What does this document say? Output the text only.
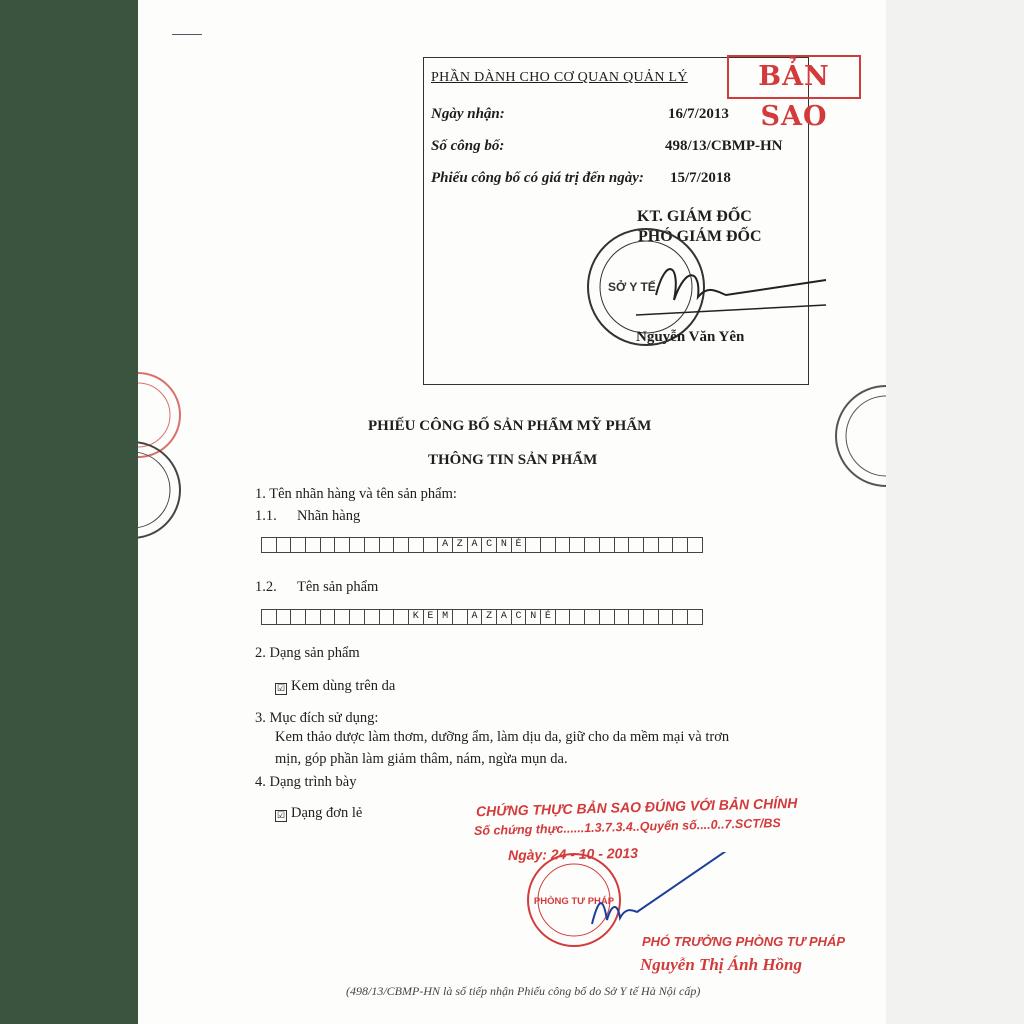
PHẦN DÀNH CHO CƠ QUAN QUẢN LÝ	BẢN SAO
Ngày nhận:	16/7/2013
Số công bố:	498/13/CBMP-HN
Phiếu công bố có giá trị đến ngày: 15/7/2018
KT. GIÁM ĐỐC
PHÓ GIÁM ĐỐC
SỞ Y TẾ
Nguyễn Văn Yên
PHIẾU CÔNG BỐ SẢN PHẨM MỸ PHẨM
THÔNG TIN SẢN PHẨM
1. Tên nhãn hàng và tên sản phẩm:
1.1. Nhãn hàng
A Z A C N É
1.2. Tên sản phẩm
K E M	A Z A C N É
2. Dạng sản phẩm
☑ Kem dùng trên da
3. Mục đích sử dụng:
Kem thảo dược làm thơm, dưỡng ẩm, làm dịu da, giữ cho da mềm mại và trơn
mịn, góp phần làm giảm thâm, nám, ngừa mụn da.
4. Dạng trình bày
☑ Dạng đơn lẻ	CHỨNG THỰC BẢN SAO ĐÚNG VỚI BẢN CHÍNH
Số chứng thực......1.3.7.3.4..Quyển số....0..7.SCT/BS
Ngày: 24 - 10 - 2013
PHÒNG TƯ PHÁP
PHÓ TRƯỞNG PHÒNG TƯ PHÁP
Nguyễn Thị Ánh Hồng
(498/13/CBMP-HN là số tiếp nhận Phiếu công bố do Sở Y tế Hà Nội cấp)
